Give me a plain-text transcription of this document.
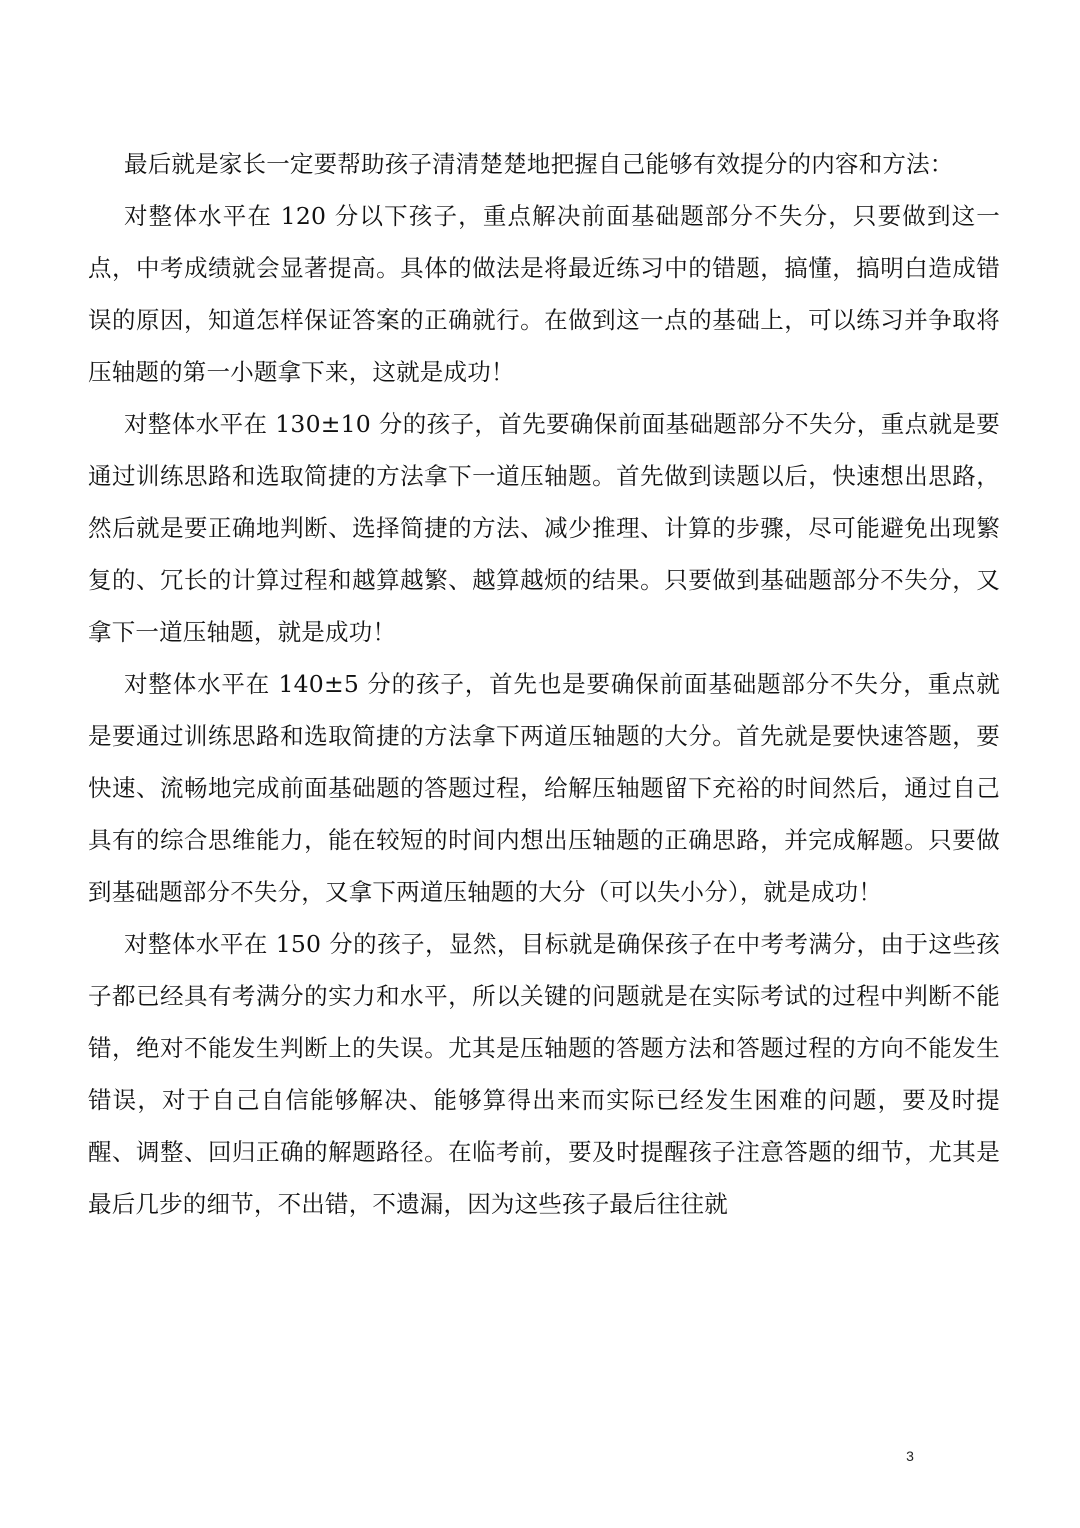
最后就是家长一定要帮助孩子清清楚楚地把握自己能够有效提分的内容和方法：

对整体水平在 120 分以下孩子，重点解决前面基础题部分不失分，只要做到这一点，中考成绩就会显著提高。具体的做法是将最近练习中的错题，搞懂，搞明白造成错误的原因，知道怎样保证答案的正确就行。在做到这一点的基础上，可以练习并争取将压轴题的第一小题拿下来，这就是成功！

对整体水平在 130±10 分的孩子，首先要确保前面基础题部分不失分，重点就是要通过训练思路和选取简捷的方法拿下一道压轴题。首先做到读题以后，快速想出思路，然后就是要正确地判断、选择简捷的方法、减少推理、计算的步骤，尽可能避免出现繁复的、冗长的计算过程和越算越繁、越算越烦的结果。只要做到基础题部分不失分，又拿下一道压轴题，就是成功！

对整体水平在 140±5 分的孩子，首先也是要确保前面基础题部分不失分，重点就是要通过训练思路和选取简捷的方法拿下两道压轴题的大分。首先就是要快速答题，要快速、流畅地完成前面基础题的答题过程，给解压轴题留下充裕的时间然后，通过自己具有的综合思维能力，能在较短的时间内想出压轴题的正确思路，并完成解题。只要做到基础题部分不失分，又拿下两道压轴题的大分（可以失小分），就是成功！

对整体水平在 150 分的孩子，显然，目标就是确保孩子在中考考满分，由于这些孩子都已经具有考满分的实力和水平，所以关键的问题就是在实际考试的过程中判断不能错，绝对不能发生判断上的失误。尤其是压轴题的答题方法和答题过程的方向不能发生错误，对于自己自信能够解决、能够算得出来而实际已经发生困难的问题，要及时提醒、调整、回归正确的解题路径。在临考前，要及时提醒孩子注意答题的细节，尤其是最后几步的细节，不出错，不遗漏，因为这些孩子最后往往就

3
